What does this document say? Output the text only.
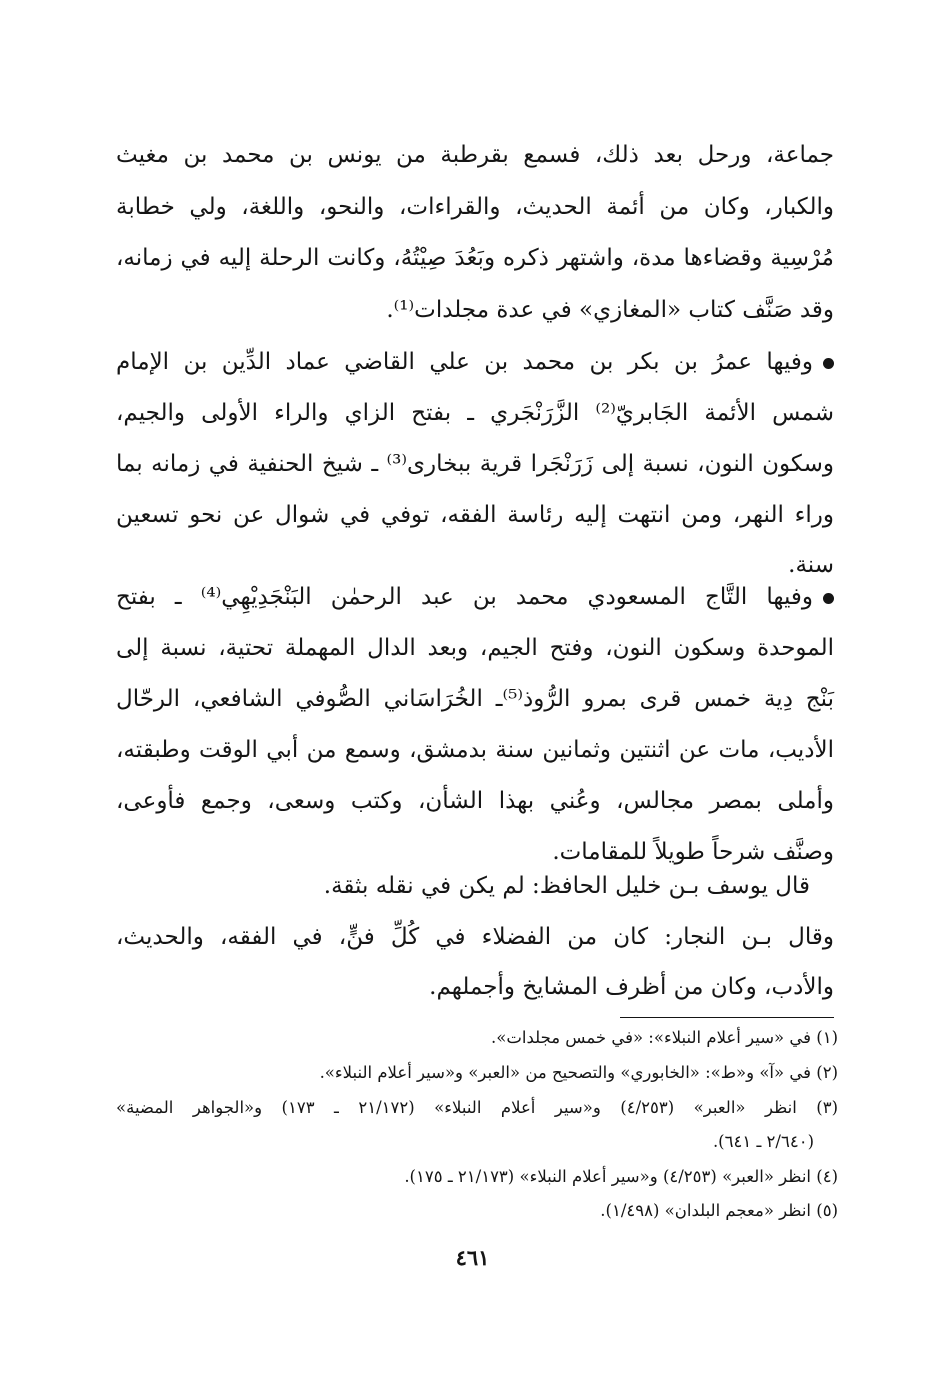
جماعة، ورحل بعد ذلك، فسمع بقرطبة من يونس بن محمد بن مغيث
والكبار، وكان من أئمة الحديث، والقراءات، والنحو، واللغة، ولي خطابة
مُرْسِية وقضاءها مدة، واشتهر ذكره وبَعُدَ صِيْتُهُ، وكانت الرحلة إليه في زمانه،
وقد صَنَّف كتاب «المغازي» في عدة مجلدات⁽¹⁾.
وفيها عمرُ بن بكر بن محمد بن علي القاضي عماد الدِّين بن الإمام
شمس الأئمة الجَابريّ⁽²⁾ الزَّرَنْجَري ـ بفتح الزاي والراء الأولى والجيم،
وسكون النون، نسبة إلى زَرَنْجَرا قرية ببخارى⁽³⁾ ـ شيخ الحنفية في زمانه بما
وراء النهر، ومن انتهت إليه رئاسة الفقه، توفي في شوال عن نحو تسعين
سنة.
وفيها التَّاج المسعودي محمد بن عبد الرحمٰن البَنْجَدِيْهِي⁽⁴⁾ ـ بفتح
الموحدة وسكون النون، وفتح الجيم، وبعد الدال المهملة تحتية، نسبة إلى
بَنْج دِية خمس قرى بمرو الرُّوذ⁽⁵⁾ـ الخُرَاسَاني الصُّوفي الشافعي، الرحّال
الأديب، مات عن اثنتين وثمانين سنة بدمشق، وسمع من أبي الوقت وطبقته،
وأملى بمصر مجالس، وعُني بهذا الشأن، وكتب وسعى، وجمع فأوعى،
وصنَّف شرحاً طويلاً للمقامات.
قال يوسف بـن خليل الحافظ: لم يكن في نقله بثقة.
وقال بـن النجار: كان من الفضلاء في كُلِّ فنٍّ، في الفقه، والحديث،
والأدب، وكان من أظرف المشايخ وأجملهم.
(١) في «سير أعلام النبلاء»: «في خمس مجلدات».
(٢) في «آ» و«ط»: «الخابوري» والتصحيح من «العبر» و«سير أعلام النبلاء».
(٣) انظر «العبر» (٤/٢٥٣) و«سير أعلام النبلاء» (٢١/١٧٢ ـ ١٧٣) و«الجواهر المضية»
(٢/٦٤٠ ـ ٦٤١).
(٤) انظر «العبر» (٤/٢٥٣) و«سير أعلام النبلاء» (٢١/١٧٣ ـ ١٧٥).
(٥) انظر «معجم البلدان» (١/٤٩٨).
٤٦١
